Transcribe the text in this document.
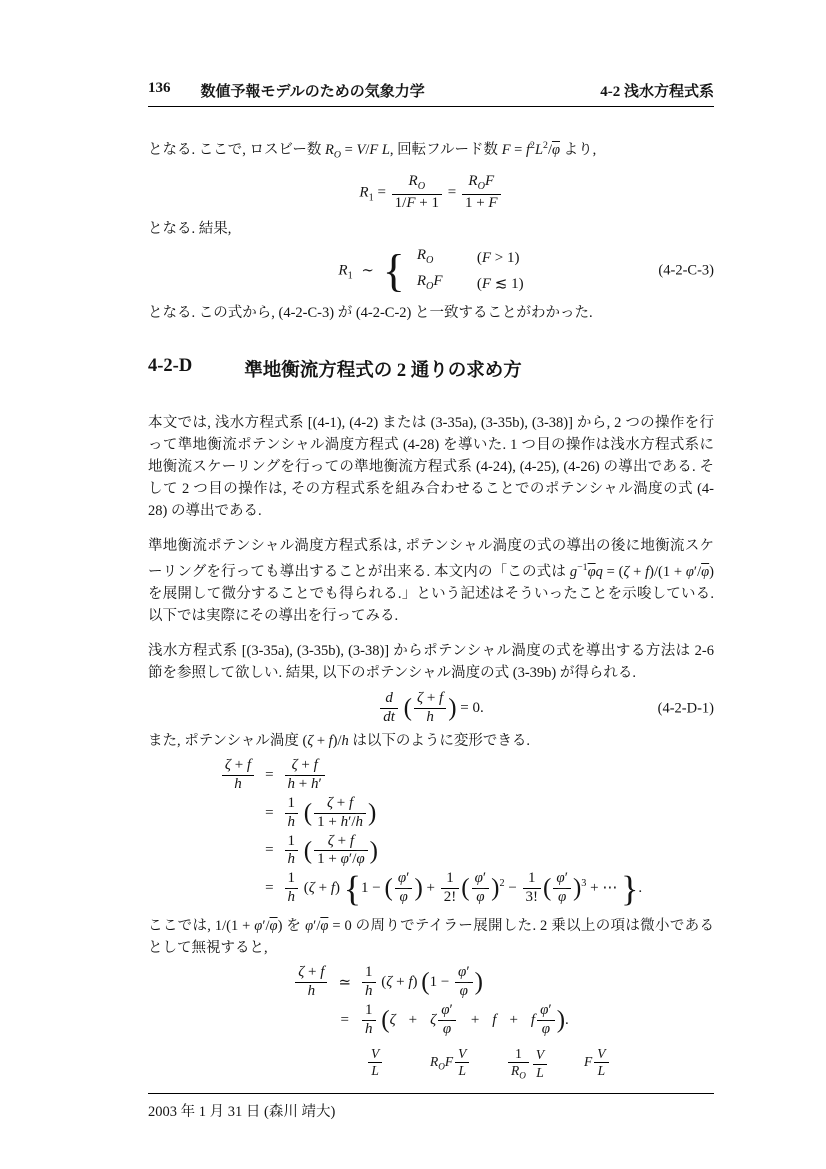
136 数値予報モデルのための気象力学	4-2 浅水方程式系

となる. ここで, ロスビー数 $R_O = V/F$ L, 回転フルード数 $F = f^2L^2/\overline{\varphi}$ より,

$R_1 = \frac{R_O}{1/F + 1}$ =
$R_OF$
1 + F

となる. 結果,

$R_1$ ∼ { $R_O$	(F > 1)
$R_OF$	(F ≲ 1)
(4-2-C-3)

となる. この式から, (4-2-C-3) が (4-2-C-2) と一致することがわかった.

4-2-D	準地衡流方程式の 2 通りの求め方

本文では, 浅水方程式系 [(4-1), (4-2) または (3-35a), (3-35b), (3-38)] から, 2 つの操作を行って準地衡流ポテンシャル渦度方程式 (4-28) を導いた. 1 つ目の操作は浅水方程式系に地衡流スケーリングを行っての準地衡流方程式系 (4-24), (4-25), (4-26) の導出である. そして 2 つ目の操作は, その方程式系を組み合わせることでのポテンシャル渦度の式 (4-28) の導出である.

準地衡流ポテンシャル渦度方程式系は, ポテンシャル渦度の式の導出の後に地衡流スケーリングを行っても導出することが出来る. 本文内の「この式は $g^{-1}\overline{\varphi}q = (\zeta + f)/(1 + \varphi'/\overline{\varphi})$ を展開して微分することでも得られる.」という記述はそういったことを示唆している. 以下では実際にその導出を行ってみる.

浅水方程式系 [(3-35a), (3-35b), (3-38)] からポテンシャル渦度の式を導出する方法は 2-6 節を参照して欲しい. 結果, 以下のポテンシャル渦度の式 (3-39b) が得られる.

$\frac{d}{dt}$ ( $\frac{\zeta + f}{h}$ ) = 0.	(4-2-D-1)

また, ポテンシャル渦度 (ζ + f)/h は以下のように変形できる.

$\frac{\zeta + f}{h}$	=	$\frac{\zeta + f}{\overline{h} + h'}$

	=	$\frac{1}{h}$ ( $\frac{\zeta + f}{1 + h'/\overline{h}}$ )
	=	$\frac{1}{h}$ ( $\frac{\zeta + f}{1 + \varphi'/\overline{\varphi}}$ )
	=	$\frac{1}{h} (\zeta + f) \{1$ − ( $\frac{\varphi'}{\varphi}$ ) + $\frac{1}{2!}$ ( $\frac{\varphi'}{\varphi} )^2 - \frac{1}{3!}$ ( $\frac{\varphi'}{\varphi} )^3$ + ⋯ }.

ここでは, $1/(1 + \varphi'/\overline{\varphi})$ を $\varphi'/\overline{\varphi} = 0$ の周りでテイラー展開した. 2 乗以上の項は微小であるとして無視すると,

$\frac{\zeta + f}{h}$	≃	$\frac{1}{h} (\zeta + f) (1 - \frac{\varphi'}{\varphi}$ )
	=	$\frac{1}{h} (\zeta + \zeta \frac{\varphi'}{\varphi} + f + f \frac{\varphi'}{\varphi}$ ).
$\frac{V}{L}$	$R_OF \frac{V}{L}$	$\frac{1}{R_O} \frac{V}{L}$	F $\frac{V}{L}$
2003 年 1 月 31 日 (森川 靖大)
